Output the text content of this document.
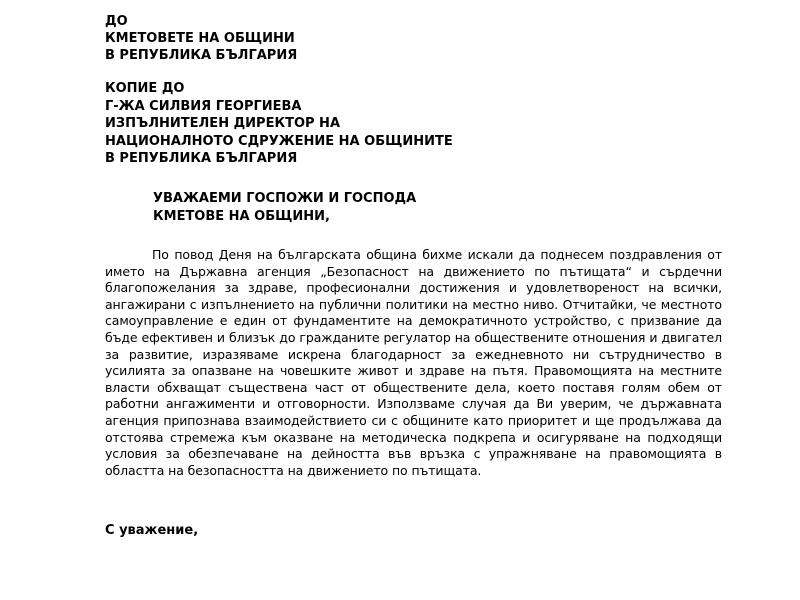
ДО
КМЕТОВЕТЕ НА ОБЩИНИ
В РЕПУБЛИКА БЪЛГАРИЯ
КОПИЕ ДО
Г-ЖА СИЛВИЯ ГЕОРГИЕВА
ИЗПЪЛНИТЕЛЕН ДИРЕКТОР НА
НАЦИОНАЛНОТО СДРУЖЕНИЕ НА ОБЩИНИТЕ
В РЕПУБЛИКА БЪЛГАРИЯ
УВАЖАЕМИ ГОСПОЖИ И ГОСПОДА
КМЕТОВЕ НА ОБЩИНИ,

По повод Деня на българската община бихме искали да поднесем поздравления от името на Държавна агенция „Безопасност на движението по пътищата“ и сърдечни благопожелания за здраве, професионални достижения и удовлетвореност на всички, ангажирани с изпълнението на публични политики на местно ниво. Отчитайки, че местното самоуправление е един от фундаментите на демократичното устройство, с призвание да бъде ефективен и близък до гражданите регулатор на обществените отношения и двигател за развитие, изразяваме искрена благодарност за ежедневното ни сътрудничество в усилията за опазване на човешките живот и здраве на пътя. Правомощията на местните власти обхващат съществена част от обществените дела, което поставя голям обем от работни ангажименти и отговорности. Използваме случая да Ви уверим, че държавната агенция припознава взаимодействието си с общините като приоритет и ще продължава да отстоява стремежа към оказване на методическа подкрепа и осигуряване на подходящи условия за обезпечаване на дейността във връзка с упражняване на правомощията в областта на безопасността на движението по пътищата.

С уважение,
